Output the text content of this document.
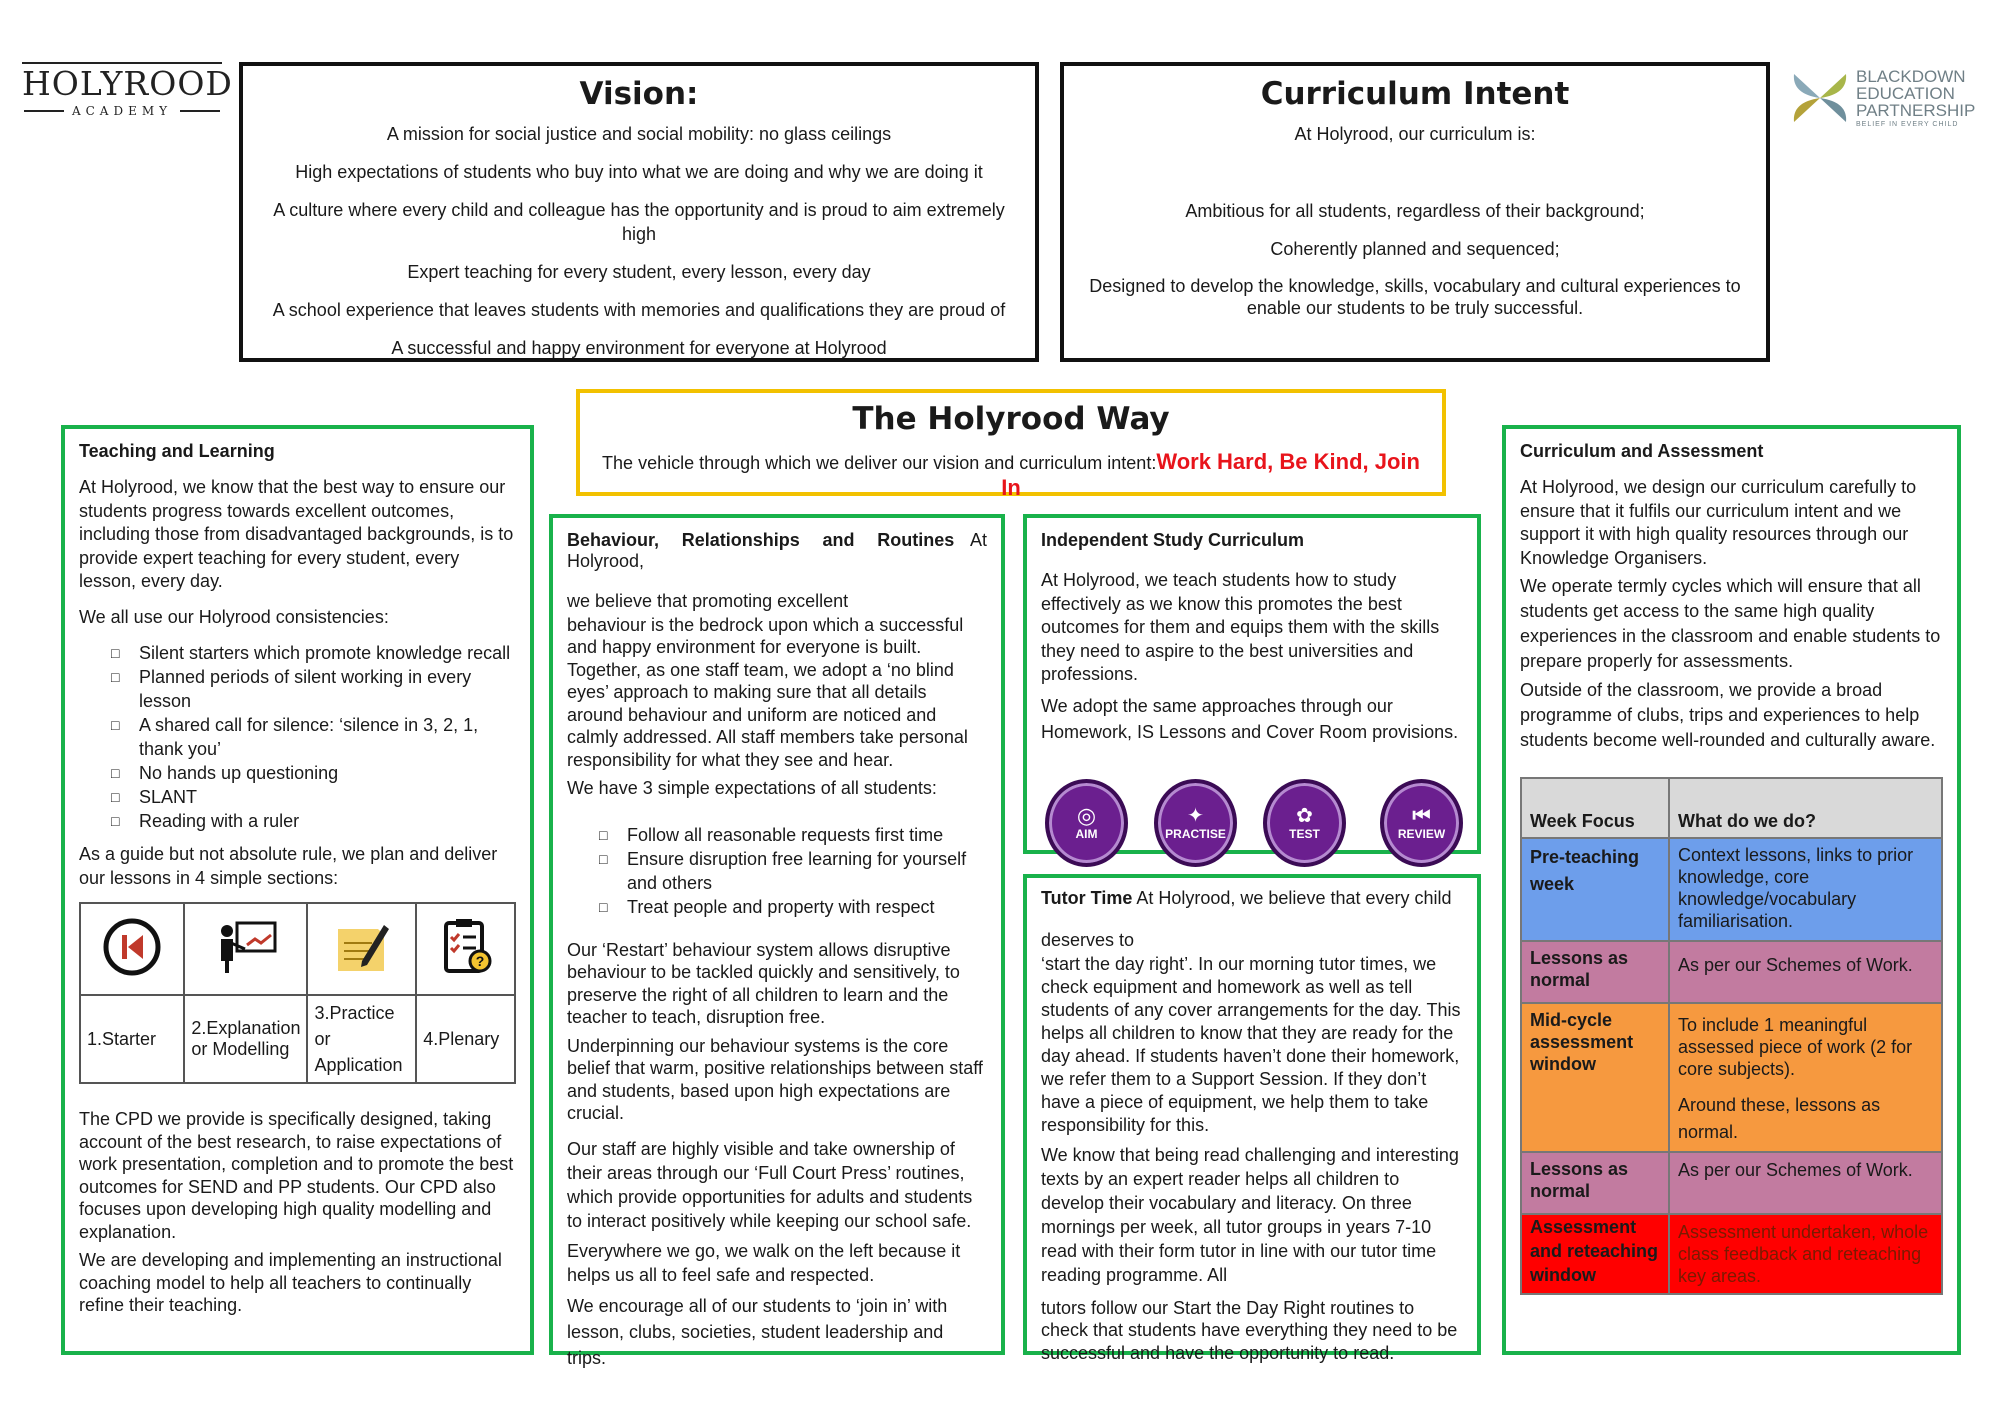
HOLYROOD
ACADEMY
BLACKDOWN
EDUCATION
PARTNERSHIP
BELIEF IN EVERY CHILD
Vision:

A mission for social justice and social mobility: no glass ceilings

High expectations of students who buy into what we are doing and why we are doing it

A culture where every child and colleague has the opportunity and is proud to aim extremely high

Expert teaching for every student, every lesson, every day

A school experience that leaves students with memories and qualifications they are proud of

A successful and happy environment for everyone at Holyrood

Curriculum Intent

At Holyrood, our curriculum is:

Ambitious for all students, regardless of their background;

Coherently planned and sequenced;

Designed to develop the knowledge, skills, vocabulary and cultural experiences to enable our students to be truly successful.

The Holyrood Way
The vehicle through which we deliver our vision and curriculum intent:Work Hard, Be Kind, Join In
Teaching and Learning

At Holyrood, we know that the best way to ensure our students progress towards excellent outcomes, including those from disadvantaged backgrounds, is to provide expert teaching for every student, every lesson, every day.

We all use our Holyrood consistencies:

□ Silent starters which promote knowledge recall
□ Planned periods of silent working in every lesson
□ A shared call for silence: ‘silence in 3, 2, 1, thank you’
□ No hands up questioning
□ SLANT
□ Reading with a ruler

As a guide but not absolute rule, we plan and deliver our lessons in 4 simple sections:

?

1.Starter	2.Explanation or Modelling	3.Practice or Application	4.Plenary

The CPD we provide is specifically designed, taking account of the best research, to raise expectations of work presentation, completion and to promote the best outcomes for SEND and PP students. Our CPD also focuses upon developing high quality modelling and explanation.

We are developing and implementing an instructional coaching model to help all teachers to continually refine their teaching.

Behaviour, Relationships and Routines At Holyrood,

we believe that promoting excellent

behaviour is the bedrock upon which a successful and happy environment for everyone is built. Together, as one staff team, we adopt a ‘no blind eyes’ approach to making sure that all details around behaviour and uniform are noticed and calmly addressed. All staff members take personal responsibility for what they see and hear.

We have 3 simple expectations of all students:

□ Follow all reasonable requests first time
□ Ensure disruption free learning for yourself and others
□ Treat people and property with respect

Our ‘Restart’ behaviour system allows disruptive behaviour to be tackled quickly and sensitively, to preserve the right of all children to learn and the teacher to teach, disruption free.

Underpinning our behaviour systems is the core belief that warm, positive relationships between staff and students, based upon high expectations are crucial.

Our staff are highly visible and take ownership of their areas through our ‘Full Court Press’ routines, which provide opportunities for adults and students to interact positively while keeping our school safe.

Everywhere we go, we walk on the left because it helps us all to feel safe and respected.

We encourage all of our students to ‘join in’ with lesson, clubs, societies, student leadership and trips.

Independent Study Curriculum

At Holyrood, we teach students how to study effectively as we know this promotes the best outcomes for them and equips them with the skills they need to aspire to the best universities and professions.

We adopt the same approaches through our Homework, IS Lessons and Cover Room provisions.

◎
AIM
✦
PRACTISE
✿
TEST
⏮
REVIEW
Tutor Time At Holyrood, we believe that every child

deserves to

‘start the day right’. In our morning tutor times, we check equipment and homework as well as tell students of any cover arrangements for the day. This helps all children to know that they are ready for the day ahead. If students haven’t done their homework, we refer them to a Support Session. If they don’t have a piece of equipment, we help them to take responsibility for this.

We know that being read challenging and interesting texts by an expert reader helps all children to develop their vocabulary and literacy. On three mornings per week, all tutor groups in years 7-10 read with their form tutor in line with our tutor time reading programme. All

tutors follow our Start the Day Right routines to check that students have everything they need to be successful and have the opportunity to read.

Curriculum and Assessment

At Holyrood, we design our curriculum carefully to ensure that it fulfils our curriculum intent and we support it with high quality resources through our Knowledge Organisers.

We operate termly cycles which will ensure that all students get access to the same high quality experiences in the classroom and enable students to prepare properly for assessments.

Outside of the classroom, we provide a broad programme of clubs, trips and experiences to help students become well-rounded and culturally aware.

Week Focus	What do we do?
Pre-teaching week	Context lessons, links to prior knowledge, core knowledge/vocabulary familiarisation.
Lessons as normal	As per our Schemes of Work.
Mid-cycle assessment window	To include 1 meaningful assessed piece of work (2 for core subjects).
Around these, lessons as normal.

Lessons as normal	As per our Schemes of Work.
Assessment and reteaching window	Assessment undertaken, whole class feedback and reteaching key areas.
